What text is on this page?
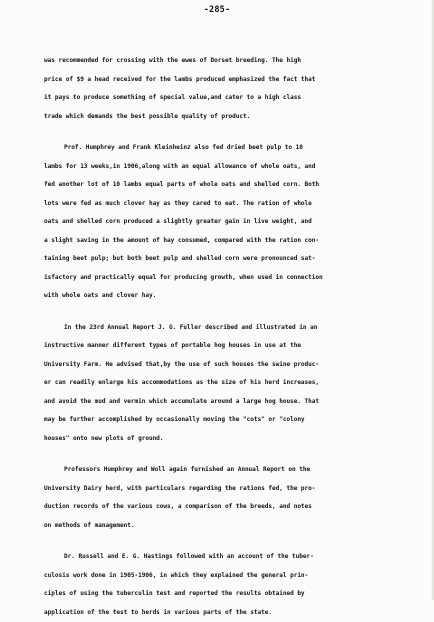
-285-
was recommended for crossing with the ewes of Dorset breeding. The high
price of $9 a head received for the lambs produced emphasized the fact that
it pays to produce something of special value,and cater to a high class
trade which demands the best possible quality of product.
Prof. Humphrey and Frank Kleinheinz also fed dried beet pulp to 10
lambs for 13 weeks,in 1906,along with an equal allowance of whole oats, and
fed another lot of 10 lambs equal parts of whole oats and shelled corn. Both
lots were fed as much clover hay as they cared to eat. The ration of whole
oats and shelled corn produced a slightly greater gain in live weight, and
a slight saving in the amount of hay consumed, compared with the ration con-
taining beet pulp; but both beet pulp and shelled corn were pronounced sat-
isfactory and practically equal for producing growth, when used in connection
with whole oats and clover hay.
In the 23rd Annual Report J. G. Fuller described and illustrated in an
instructive manner different types of portable hog houses in use at the
University Farm. He advised that,by the use of such houses the swine produc-
er can readily enlarge his accommodations as the size of his herd increases,
and avoid the mud and vermin which accumulate around a large hog house. That
may be further accomplished by occasionally moving the "cots" or "colony
houses" onto new plots of ground.
Professors Humphrey and Woll again furnished an Annual Report on the
University Dairy herd, with particulars regarding the rations fed, the pro-
duction records of the various cows, a comparison of the breeds, and notes
on methods of management.
Dr. Russell and E. G. Hastings followed with an account of the tuber-
culosis work done in 1905-1906, in which they explained the general prin-
ciples of using the tuberculin test and reported the results obtained by
application of the test to herds in various parts of the state.
